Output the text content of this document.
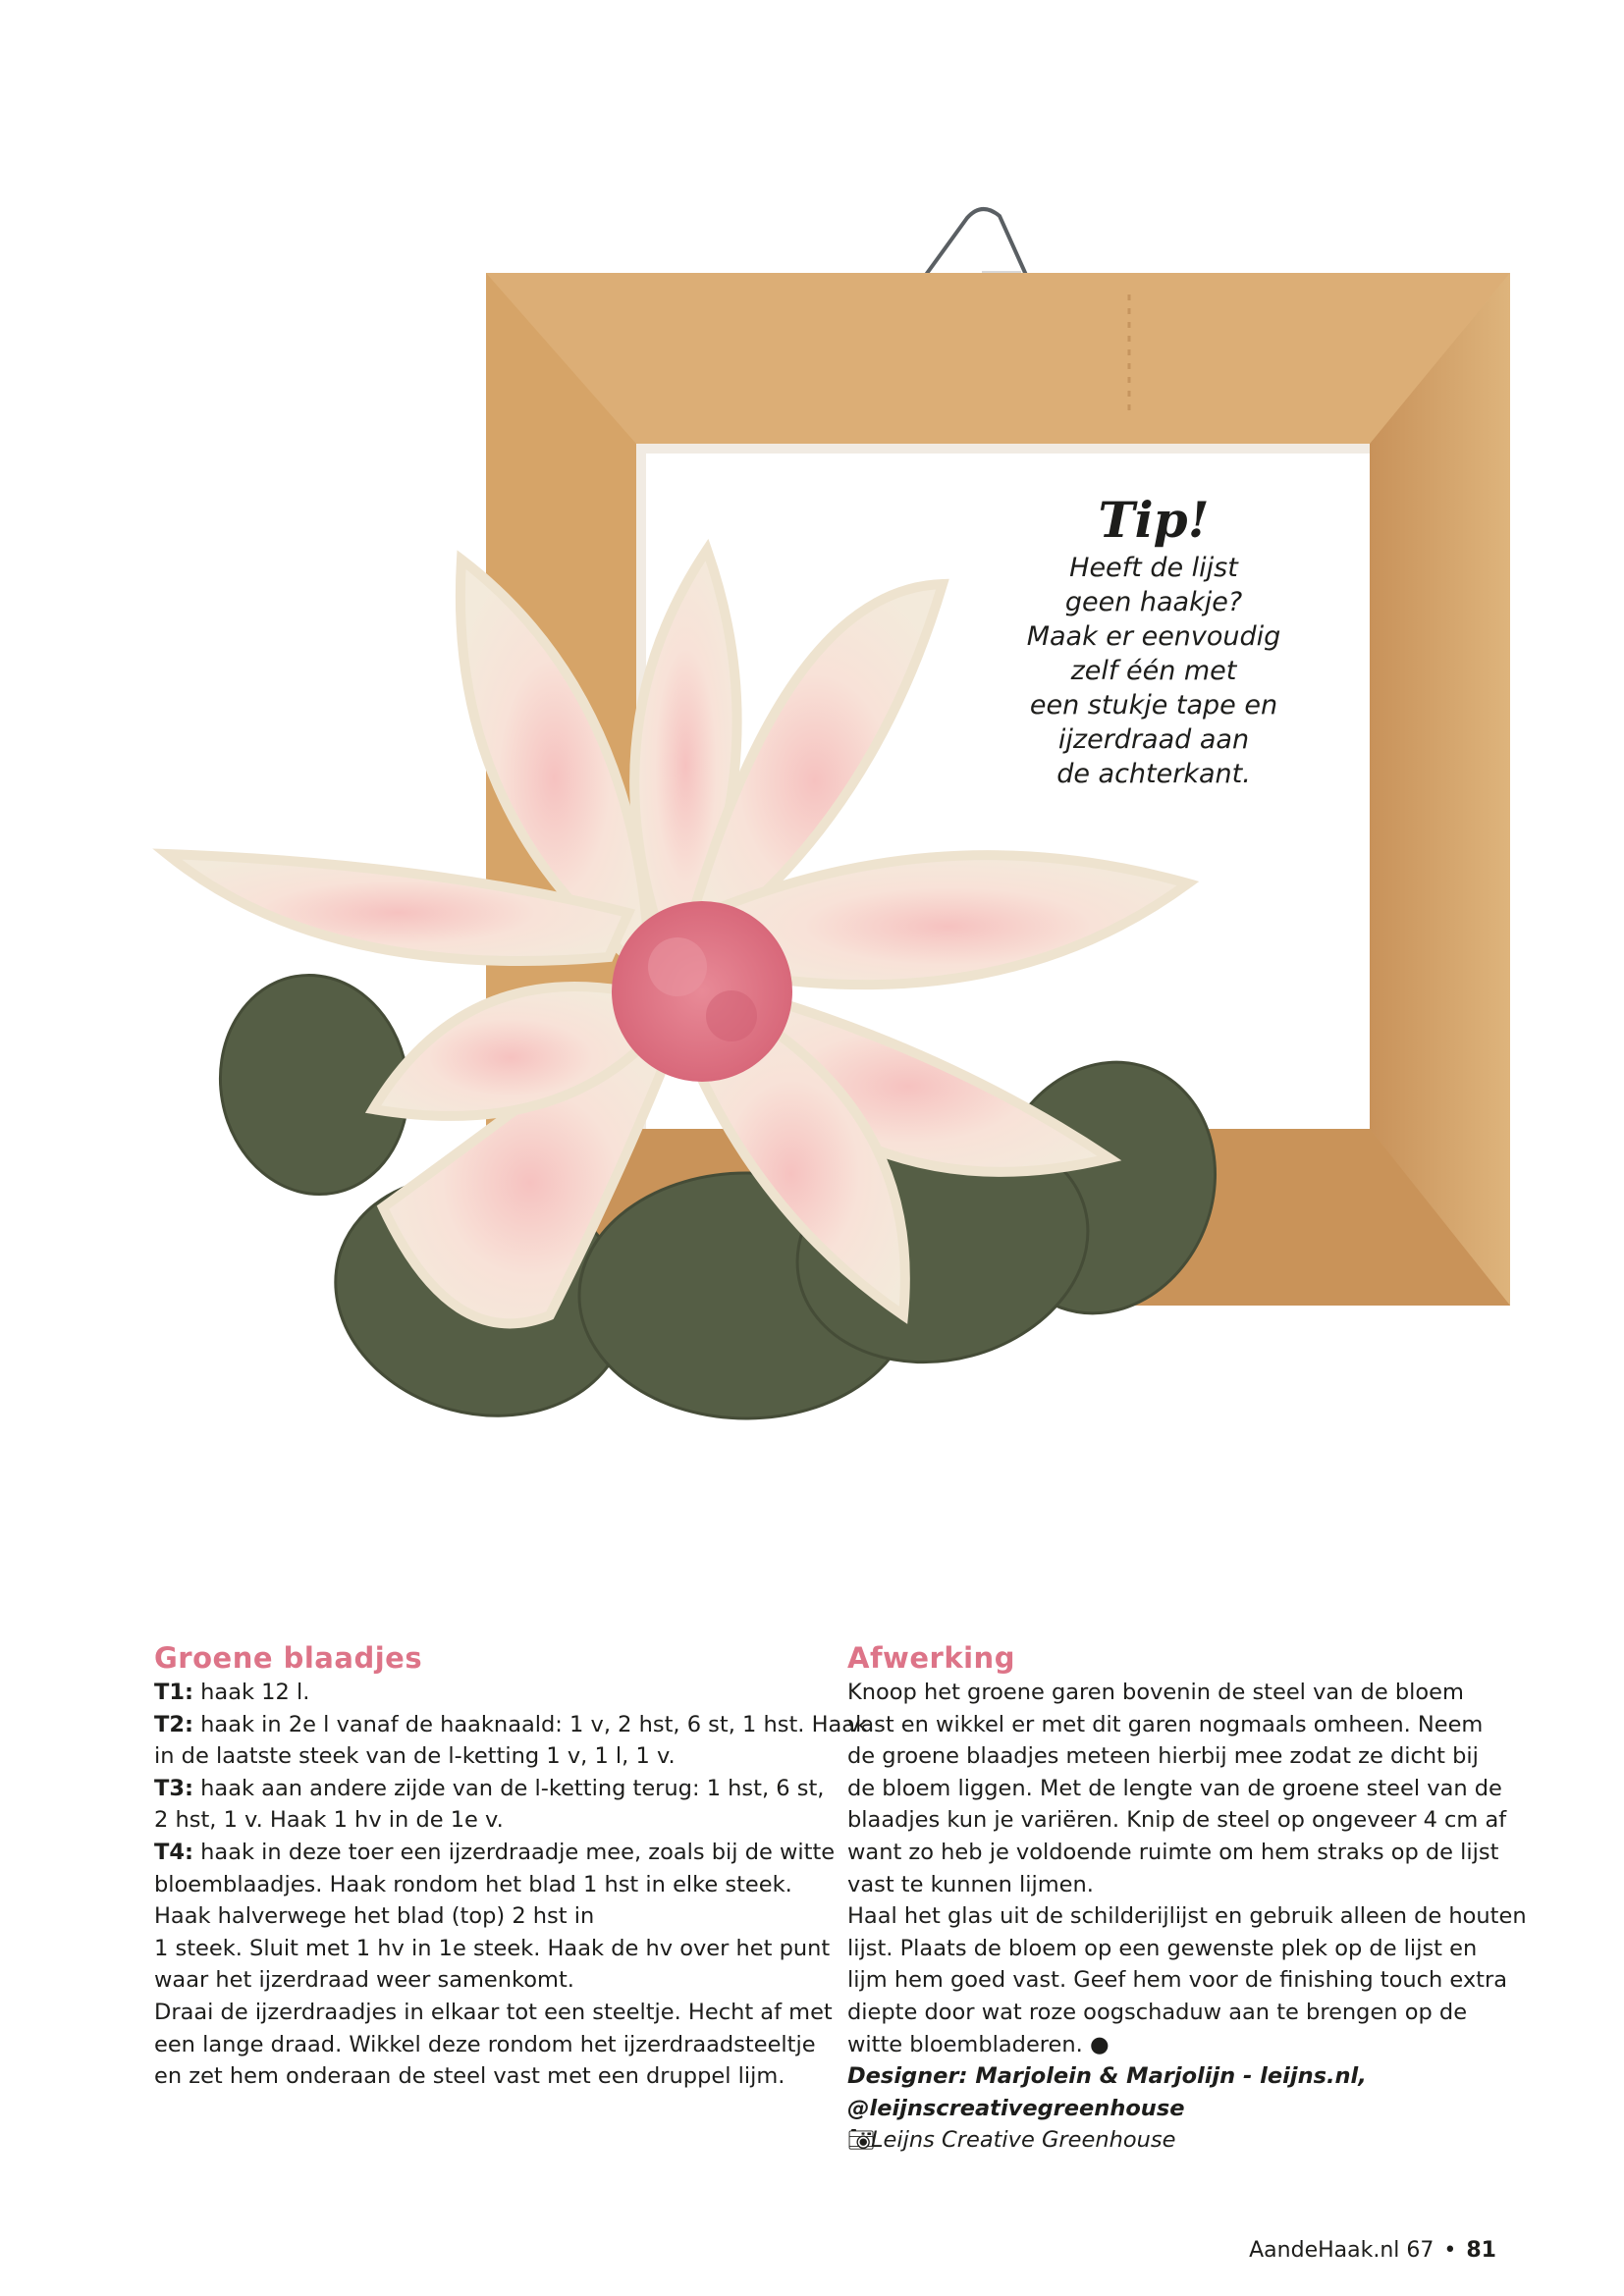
Tip!
Heeft de lijst
geen haakje?
Maak er eenvoudig
zelf één met
een stukje tape en
ijzerdraad aan
de achterkant.
Groene blaadjes
T1: haak 12 l.
T2: haak in 2e l vanaf de haaknaald: 1 v, 2 hst, 6 st, 1 hst. Haak
in de laatste steek van de l-ketting 1 v, 1 l, 1 v.
T3: haak aan andere zijde van de l-ketting terug: 1 hst, 6 st,
2 hst, 1 v. Haak 1 hv in de 1e v.
T4: haak in deze toer een ijzerdraadje mee, zoals bij de witte
bloemblaadjes. Haak rondom het blad 1 hst in elke steek.
Haak halverwege het blad (top) 2 hst in
1 steek. Sluit met 1 hv in 1e steek. Haak de hv over het punt
waar het ijzerdraad weer samenkomt.
Draai de ijzerdraadjes in elkaar tot een steeltje. Hecht af met
een lange draad. Wikkel deze rondom het ijzerdraadsteeltje
en zet hem onderaan de steel vast met een druppel lijm.
Afwerking
Knoop het groene garen bovenin de steel van de bloem
vast en wikkel er met dit garen nogmaals omheen. Neem
de groene blaadjes meteen hierbij mee zodat ze dicht bij
de bloem liggen. Met de lengte van de groene steel van de
blaadjes kun je variëren. Knip de steel op ongeveer 4 cm af
want zo heb je voldoende ruimte om hem straks op de lijst
vast te kunnen lijmen.
Haal het glas uit de schilderijlijst en gebruik alleen de houten
lijst. Plaats de bloem op een gewenste plek op de lijst en
lijm hem goed vast. Geef hem voor de finishing touch extra
diepte door wat roze oogschaduw aan te brengen op de
witte bloembladeren. ●
Designer: Marjolein & Marjolijn - leijns.nl,
@leijnscreativegreenhouse
📷︎Leijns Creative Greenhouse
AandeHaak.nl 67 • 81
